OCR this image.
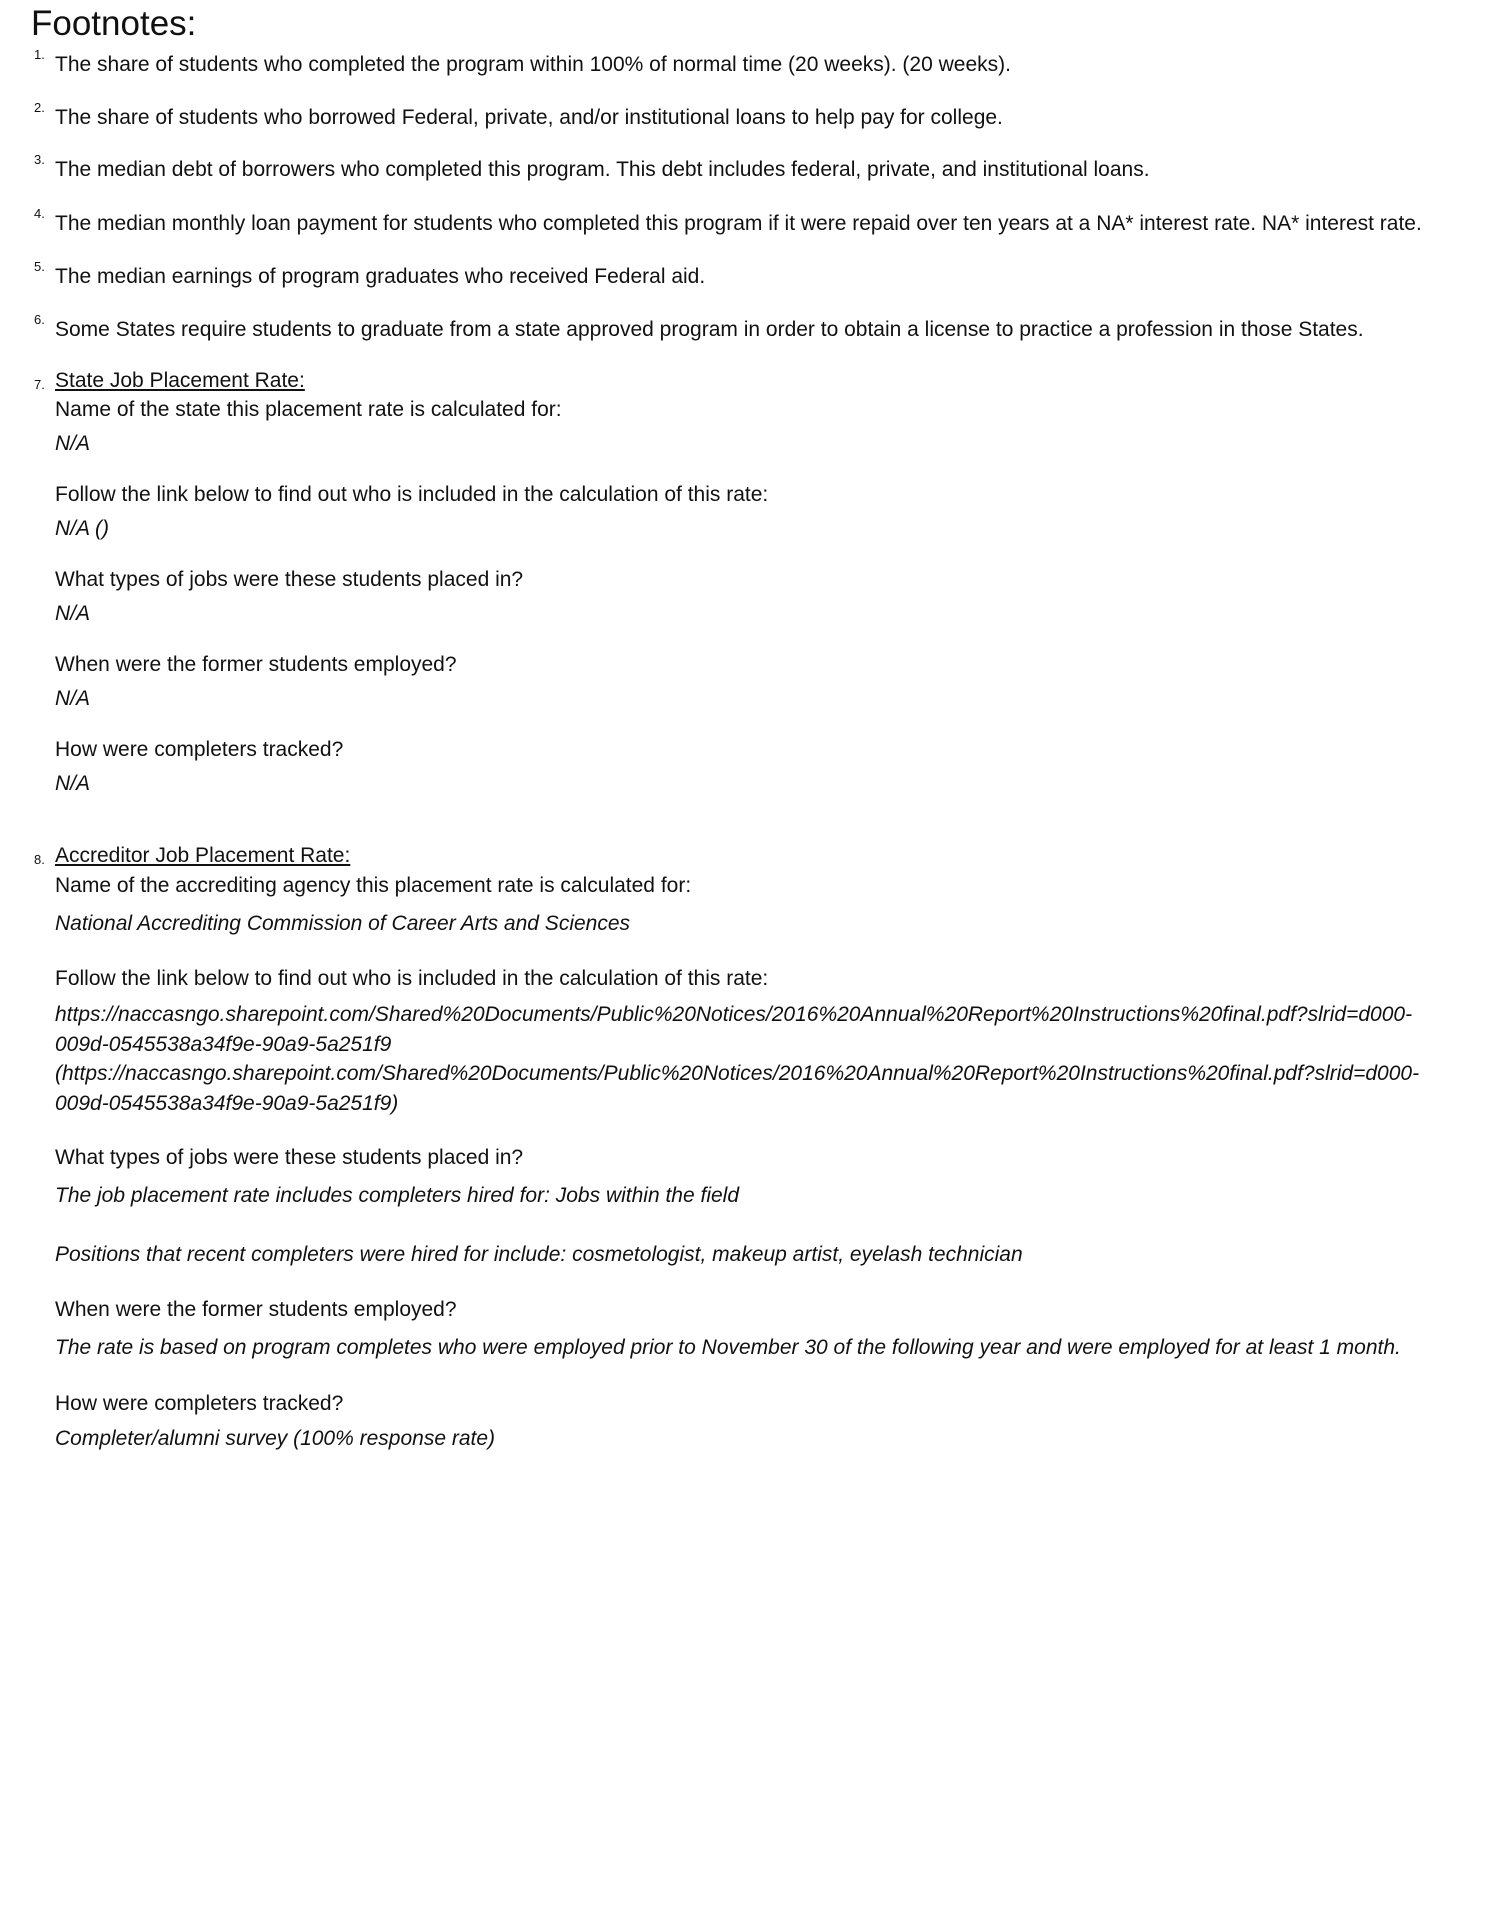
Footnotes:
1. The share of students who completed the program within 100% of normal time (20 weeks). (20 weeks).
2. The share of students who borrowed Federal, private, and/or institutional loans to help pay for college.
3. The median debt of borrowers who completed this program. This debt includes federal, private, and institutional loans.
4. The median monthly loan payment for students who completed this program if it were repaid over ten years at a NA* interest rate. NA* interest rate.
5. The median earnings of program graduates who received Federal aid.
6. Some States require students to graduate from a state approved program in order to obtain a license to practice a profession in those States.
7. State Job Placement Rate:
Name of the state this placement rate is calculated for:
N/A
Follow the link below to find out who is included in the calculation of this rate:
N/A ()
What types of jobs were these students placed in?
N/A
When were the former students employed?
N/A
How were completers tracked?
N/A
8. Accreditor Job Placement Rate:
Name of the accrediting agency this placement rate is calculated for:
National Accrediting Commission of Career Arts and Sciences
Follow the link below to find out who is included in the calculation of this rate:
https://naccasngo.sharepoint.com/Shared%20Documents/Public%20Notices/2016%20Annual%20Report%20Instructions%20final.pdf?slrid=d000-
009d-0545538a34f9e-90a9-5a251f9
(https://naccasngo.sharepoint.com/Shared%20Documents/Public%20Notices/2016%20Annual%20Report%20Instructions%20final.pdf?slrid=d000-
009d-0545538a34f9e-90a9-5a251f9)
What types of jobs were these students placed in?
The job placement rate includes completers hired for: Jobs within the field
Positions that recent completers were hired for include: cosmetologist, makeup artist, eyelash technician
When were the former students employed?
The rate is based on program completes who were employed prior to November 30 of the following year and were employed for at least 1 month.
How were completers tracked?
Completer/alumni survey (100% response rate)
